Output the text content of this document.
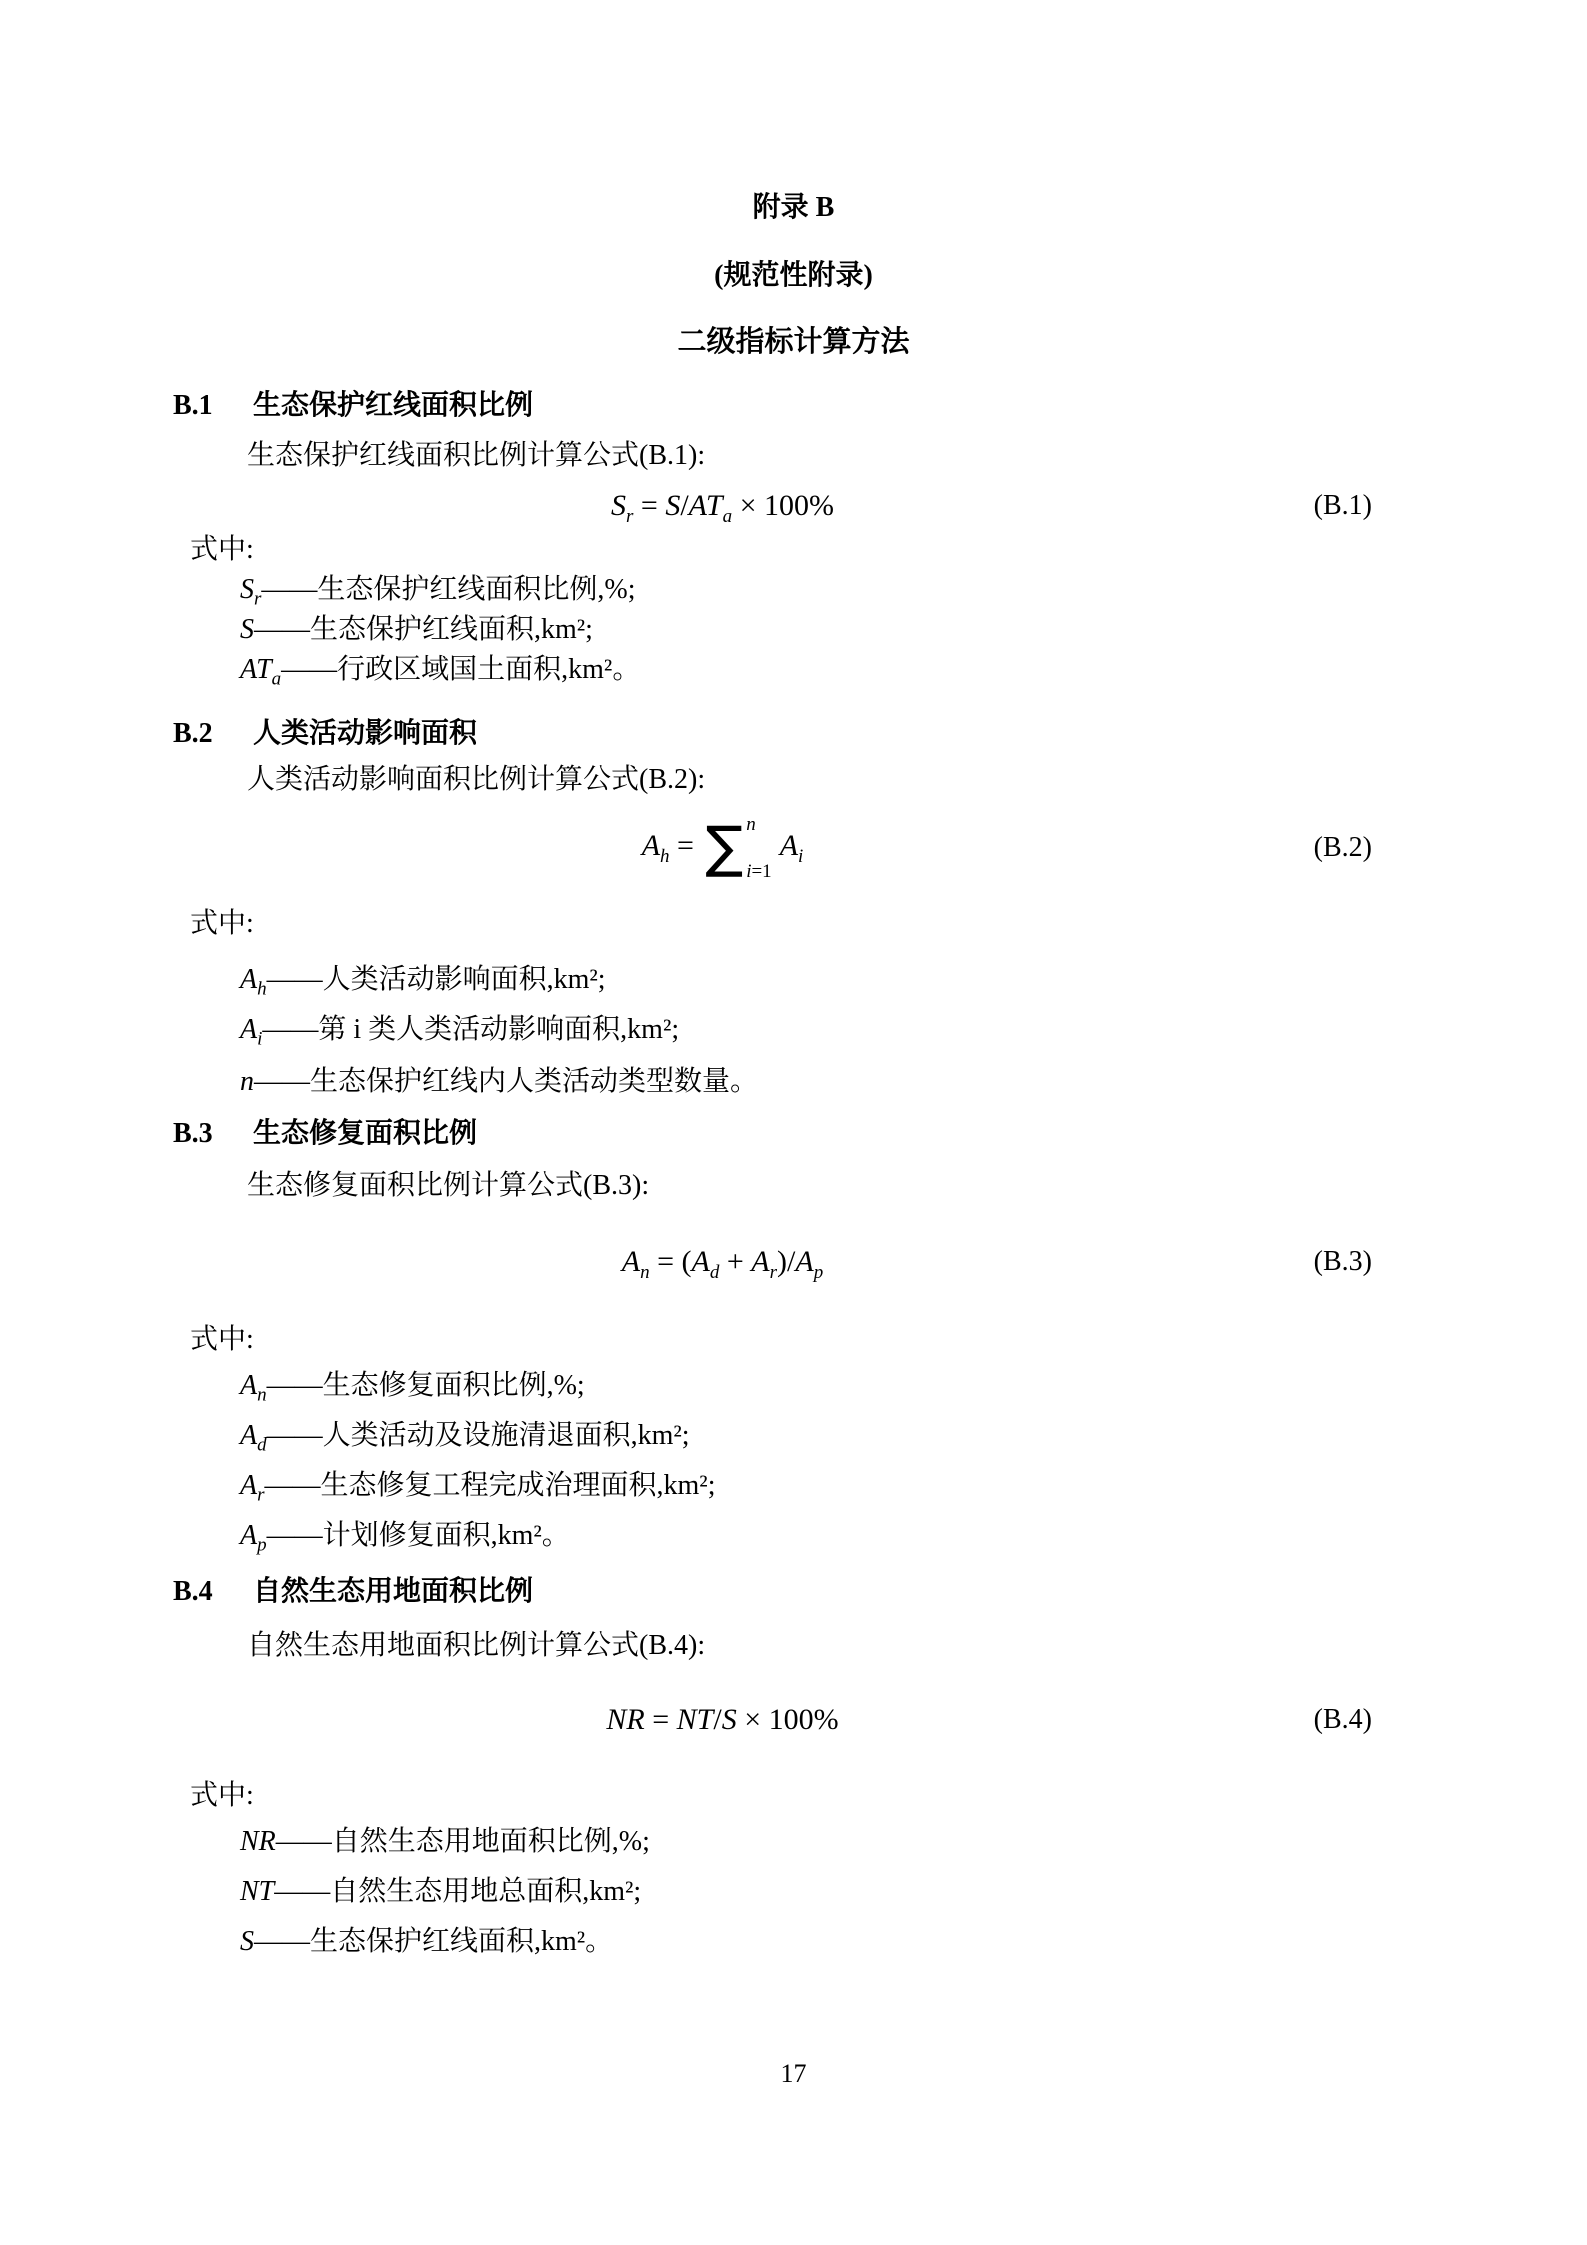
附录 B
(规范性附录)
二级指标计算方法
B.1 生态保护红线面积比例
生态保护红线面积比例计算公式(B.1):
$S_r = S/AT_a \times 100\%$	(B.1)
式中:
$S_r——$生态保护红线面积比例,%;
S——生态保护红线面积,km²;
$AT_a——$行政区域国土面积,km²。
B.2 人类活动影响面积
人类活动影响面积比例计算公式(B.2):
$A_h$ = ∑ n
i=1
$A_i$	(B.2)
式中:
$A_h——$人类活动影响面积,km²;
$A_i——$第 i 类人类活动影响面积,km²;
n——生态保护红线内人类活动类型数量。
B.3 生态修复面积比例
生态修复面积比例计算公式(B.3):
$A_n = (A_d + A_r)/A_p$	(B.3)
式中:
$A_n——$生态修复面积比例,%;
$A_d——$人类活动及设施清退面积,km²;
$A_r——$生态修复工程完成治理面积,km²;
$A_p——$计划修复面积,km²。
B.4 自然生态用地面积比例
自然生态用地面积比例计算公式(B.4):
NR = NT/S × 100%	(B.4)
式中:
NR——自然生态用地面积比例,%;
NT——自然生态用地总面积,km²;
S——生态保护红线面积,km²。
17
